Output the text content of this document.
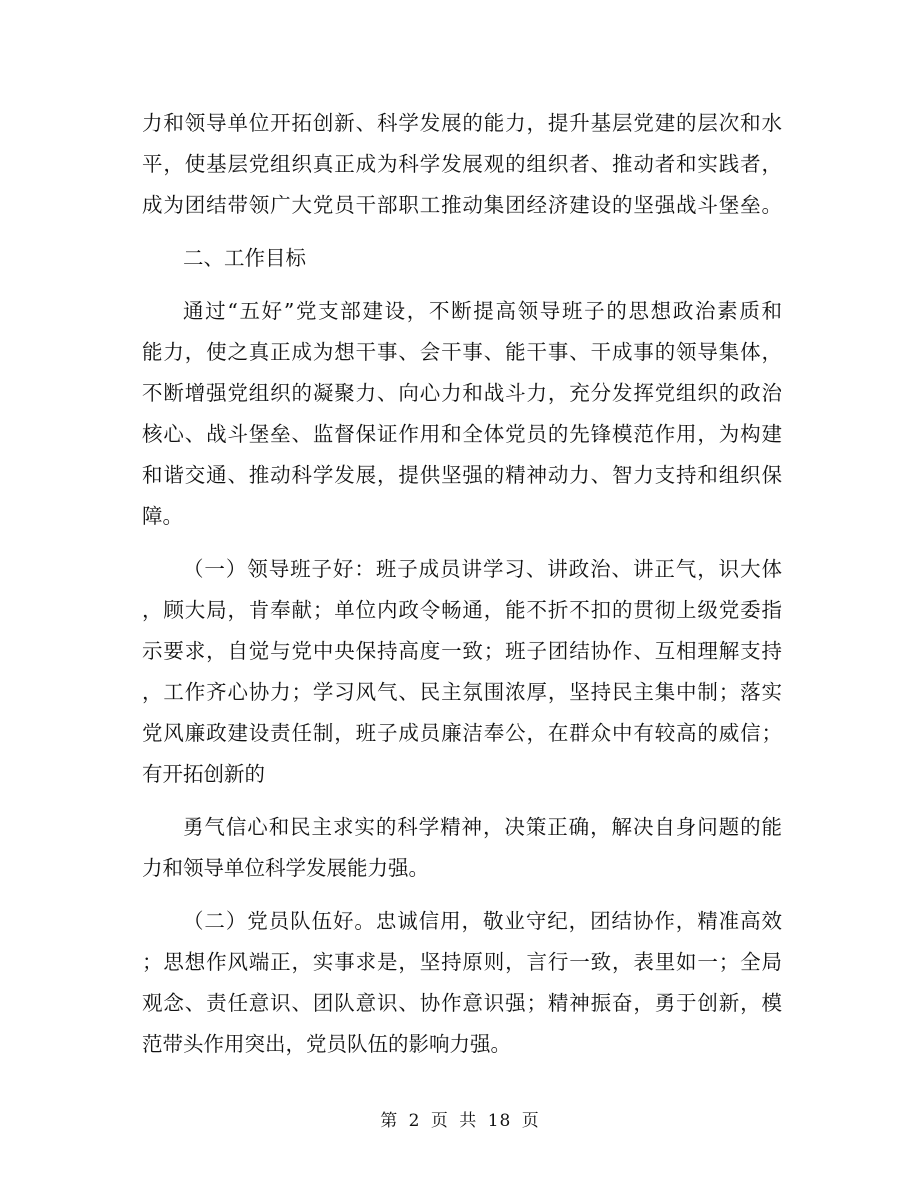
力和领导单位开拓创新、科学发展的能力，提升基层党建的层次和水
平，使基层党组织真正成为科学发展观的组织者、推动者和实践者，
成为团结带领广大党员干部职工推动集团经济建设的坚强战斗堡垒。
二、工作目标
通过“五好”党支部建设，不断提高领导班子的思想政治素质和
能力，使之真正成为想干事、会干事、能干事、干成事的领导集体，
不断增强党组织的凝聚力、向心力和战斗力，充分发挥党组织的政治
核心、战斗堡垒、监督保证作用和全体党员的先锋模范作用，为构建
和谐交通、推动科学发展，提供坚强的精神动力、智力支持和组织保
障。
（一）领导班子好：班子成员讲学习、讲政治、讲正气，识大体
，顾大局，肯奉献；单位内政令畅通，能不折不扣的贯彻上级党委指
示要求，自觉与党中央保持高度一致；班子团结协作、互相理解支持
，工作齐心协力；学习风气、民主氛围浓厚，坚持民主集中制；落实
党风廉政建设责任制，班子成员廉洁奉公，在群众中有较高的威信；
有开拓创新的
勇气信心和民主求实的科学精神，决策正确，解决自身问题的能
力和领导单位科学发展能力强。
（二）党员队伍好。忠诚信用，敬业守纪，团结协作，精准高效
；思想作风端正，实事求是，坚持原则，言行一致，表里如一；全局
观念、责任意识、团队意识、协作意识强；精神振奋，勇于创新，模
范带头作用突出，党员队伍的影响力强。
第 2 页 共 18 页
